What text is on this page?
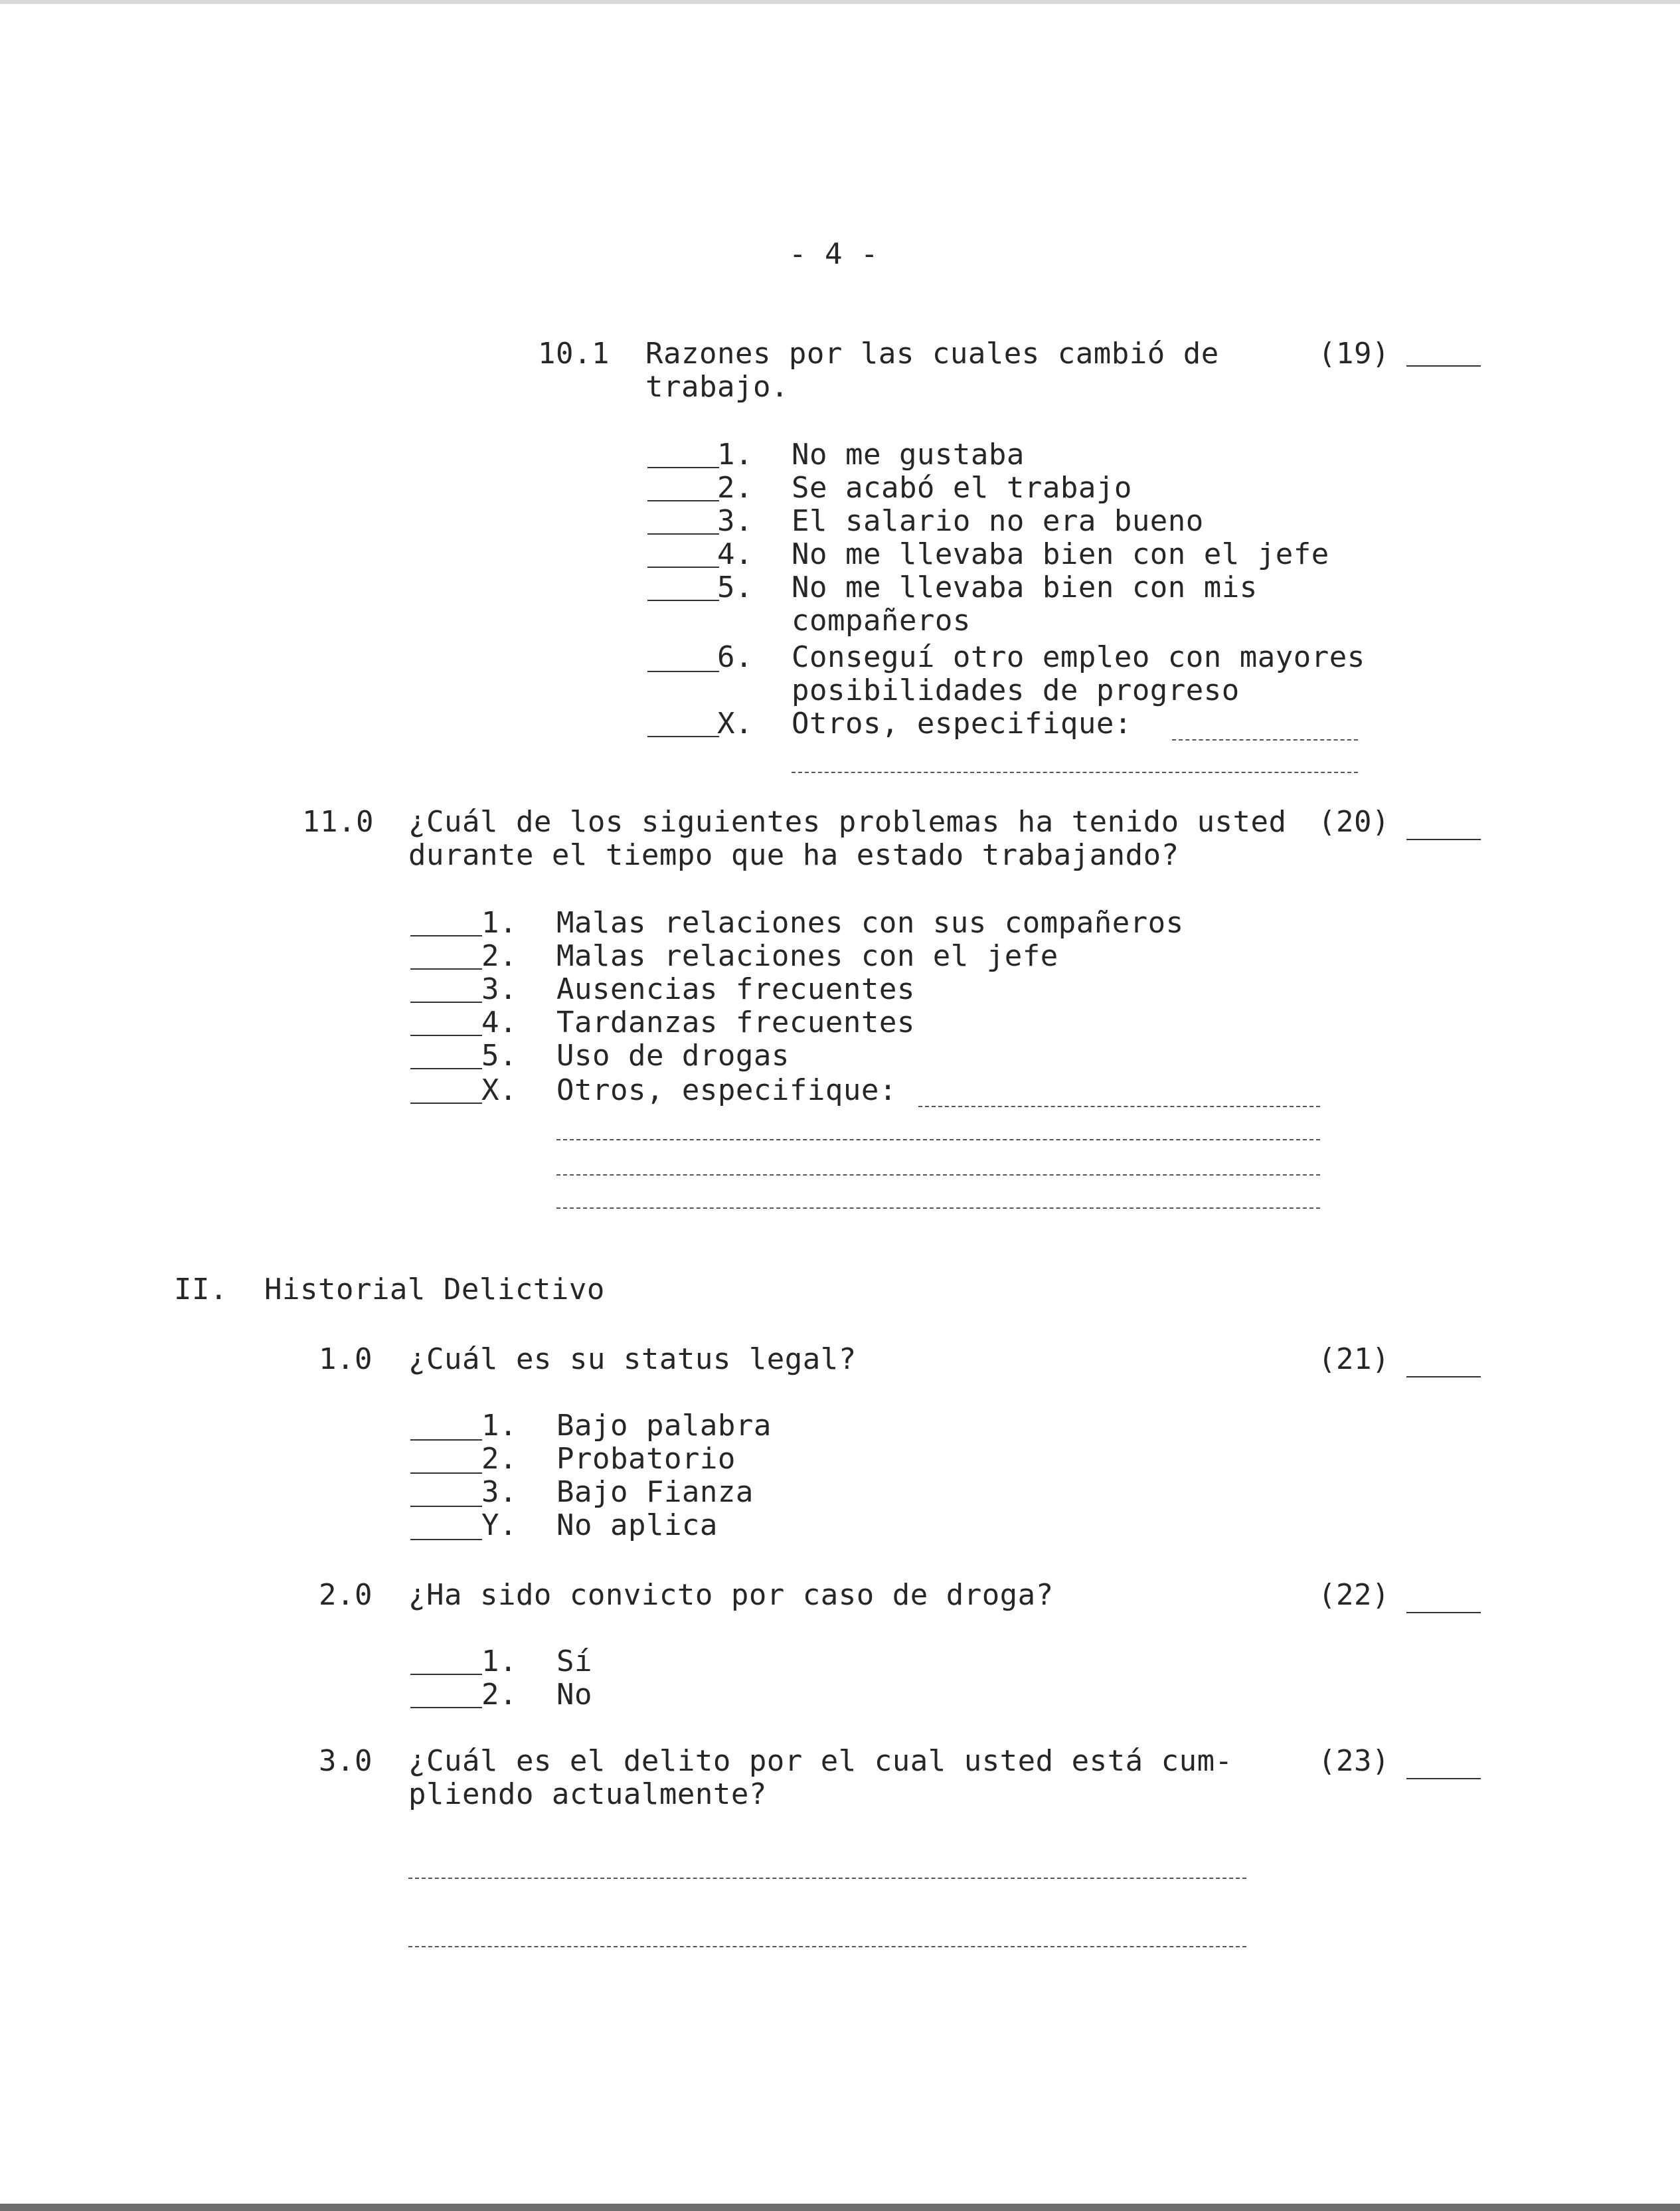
- 4 -
10.1 Razones por las cuales cambió de
trabajo.
(19)
1. No me gustaba
2. Se acabó el trabajo
3. El salario no era bueno
4. No me llevaba bien con el jefe
5. No me llevaba bien con mis
compañeros
6. Conseguí otro empleo con mayores
posibilidades de progreso
X. Otros, especifique:
11.0 ¿Cuál de los siguientes problemas ha tenido usted
durante el tiempo que ha estado trabajando?
(20)
1. Malas relaciones con sus compañeros
2. Malas relaciones con el jefe
3. Ausencias frecuentes
4. Tardanzas frecuentes
5. Uso de drogas
X. Otros, especifique:
II. Historial Delictivo
1.0 ¿Cuál es su status legal?	(21)
1. Bajo palabra
2. Probatorio
3. Bajo Fianza
Y. No aplica
2.0 ¿Ha sido convicto por caso de droga?	(22)
1. Sí
2. No
3.0 ¿Cuál es el delito por el cual usted está cum-
pliendo actualmente?
(23)
